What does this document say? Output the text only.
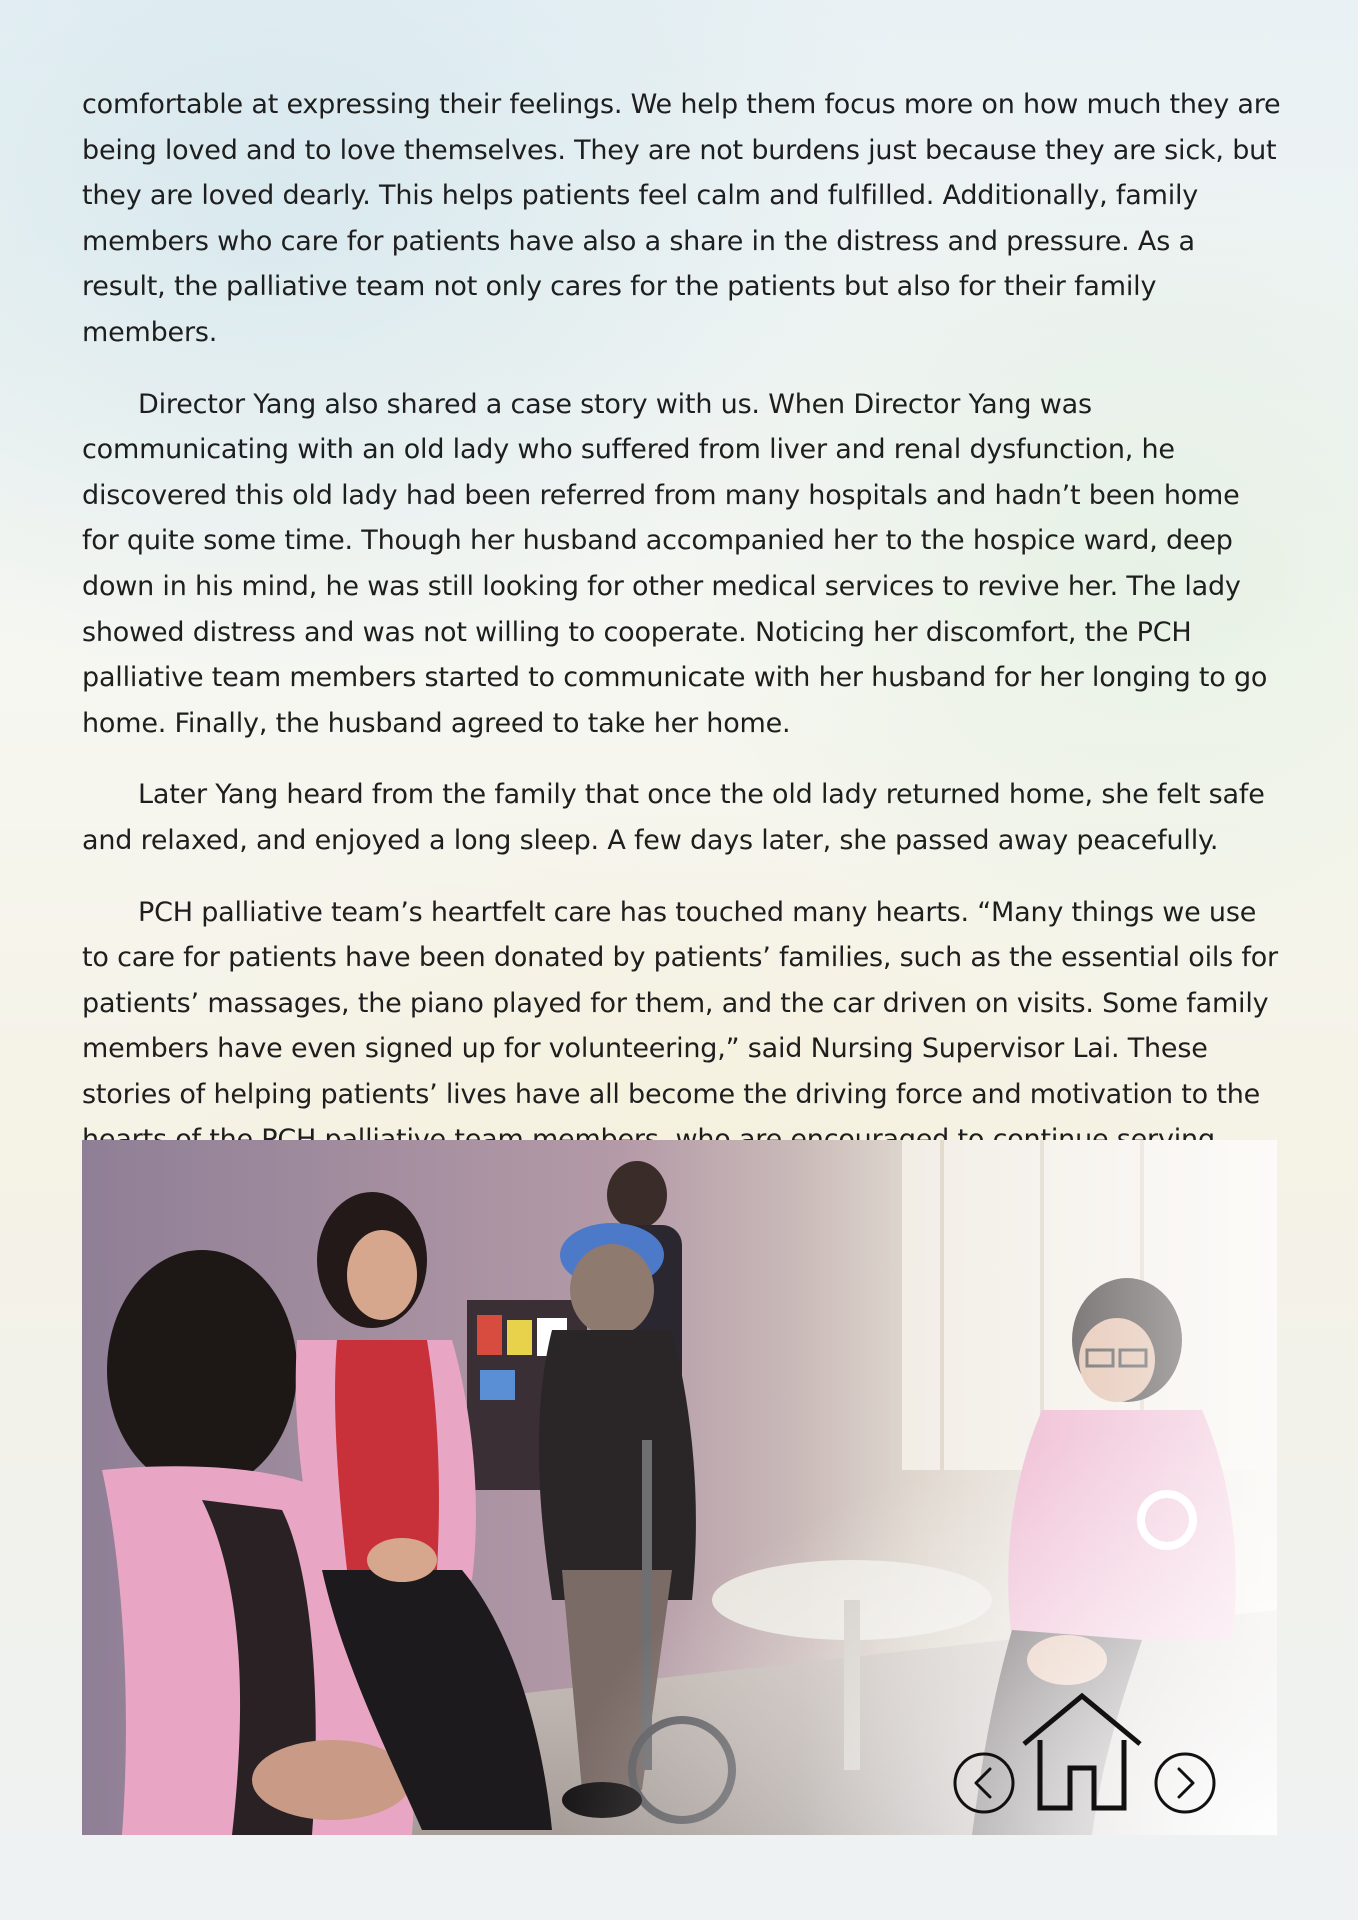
comfortable at expressing their feelings. We help them focus more on how much they are being loved and to love themselves. They are not burdens just because they are sick, but they are loved dearly. This helps patients feel calm and fulfilled. Additionally, family members who care for patients have also a share in the distress and pressure. As a result, the palliative team not only cares for the patients but also for their family members.

Director Yang also shared a case story with us. When Director Yang was communicating with an old lady who suffered from liver and renal dysfunction, he discovered this old lady had been referred from many hospitals and hadn’t been home for quite some time. Though her husband accompanied her to the hospice ward, deep down in his mind, he was still looking for other medical services to revive her. The lady showed distress and was not willing to cooperate. Noticing her discomfort, the PCH palliative team members started to communicate with her husband for her longing to go home. Finally, the husband agreed to take her home.

Later Yang heard from the family that once the old lady returned home, she felt safe and relaxed, and enjoyed a long sleep. A few days later, she passed away peacefully.

PCH palliative team’s heartfelt care has touched many hearts. “Many things we use to care for patients have been donated by patients’ families, such as the essential oils for patients’ massages, the piano played for them, and the car driven on visits. Some family members have even signed up for volunteering,” said Nursing Supervisor Lai. These stories of helping patients’ lives have all become the driving force and motivation to the
